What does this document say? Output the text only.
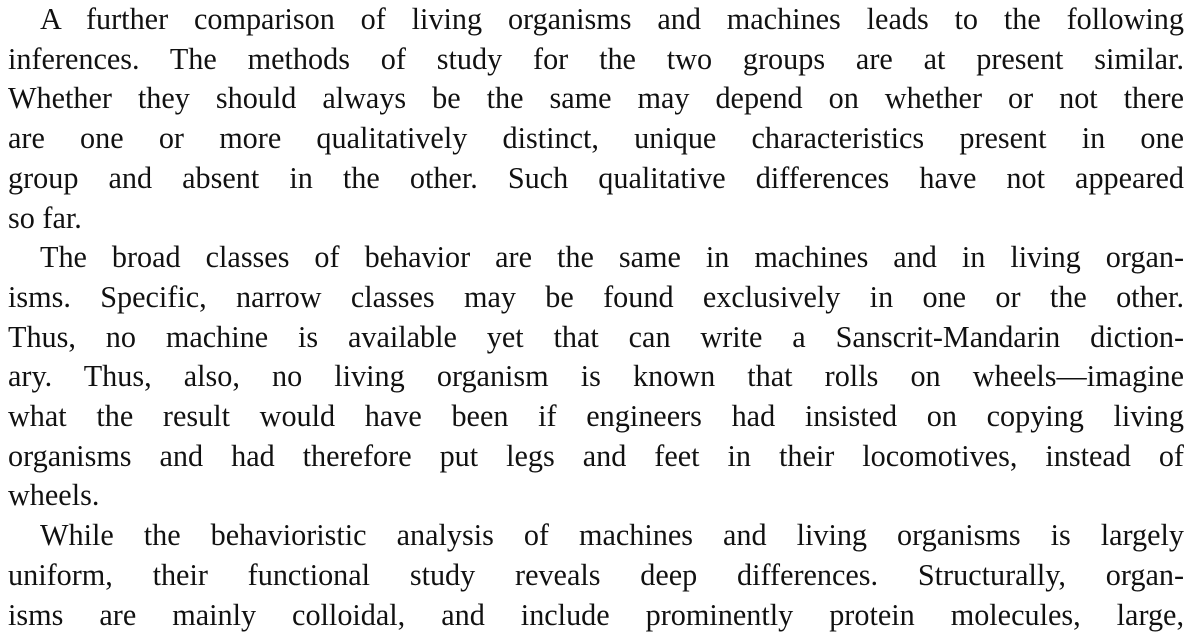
A further comparison of living organisms and machines leads to the following
inferences. The methods of study for the two groups are at present similar.
Whether they should always be the same may depend on whether or not there
are one or more qualitatively distinct, unique characteristics present in one
group and absent in the other. Such qualitative differences have not appeared
so far.

The broad classes of behavior are the same in machines and in living organ-
isms. Specific, narrow classes may be found exclusively in one or the other.
Thus, no machine is available yet that can write a Sanscrit-Mandarin diction-
ary. Thus, also, no living organism is known that rolls on wheels—imagine
what the result would have been if engineers had insisted on copying living
organisms and had therefore put legs and feet in their locomotives, instead of
wheels.

While the behavioristic analysis of machines and living organisms is largely
uniform, their functional study reveals deep differences. Structurally, organ-
isms are mainly colloidal, and include prominently protein molecules, large,
